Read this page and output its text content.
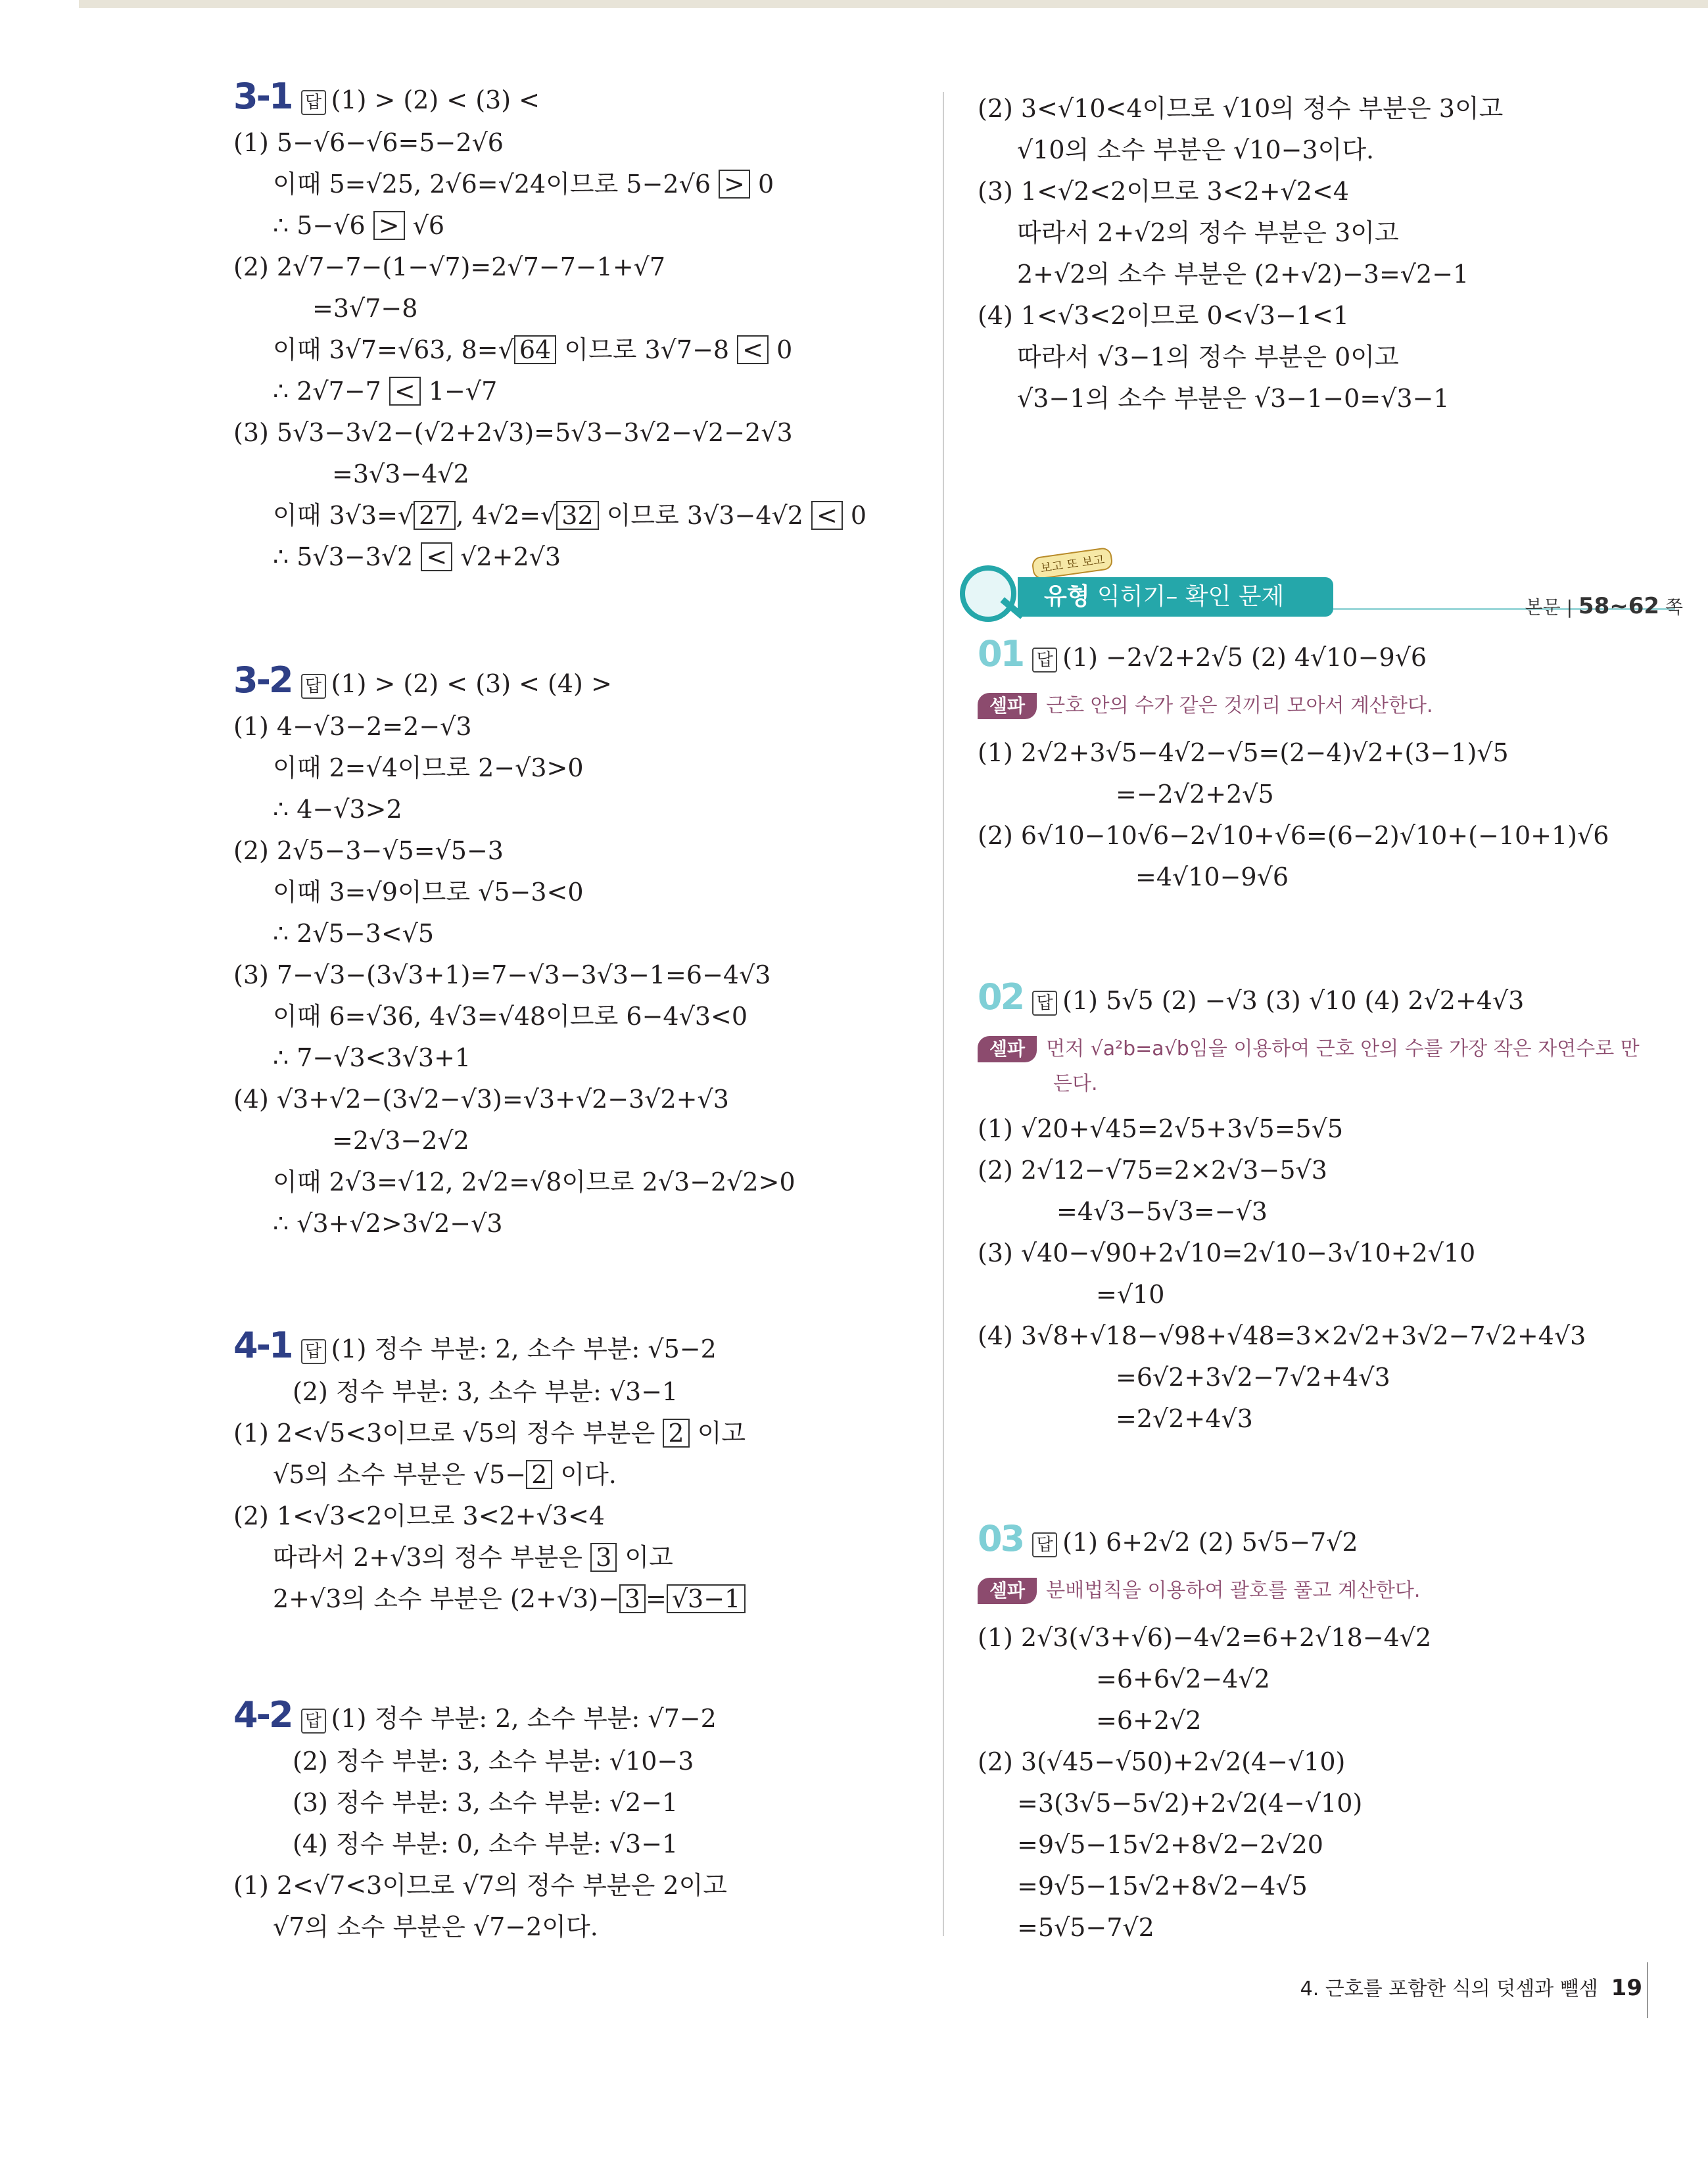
3-1 답 (1) > (2) < (3) <
(1) 5−√6−√6=5−2√6
이때 5=√25, 2√6=√24이므로 5−2√6 > 0
∴ 5−√6 > √6
(2) 2√7−7−(1−√7)=2√7−7−1+√7
=3√7−8
이때 3√7=√63, 8=√ 64 이므로 3√7−8 < 0
∴ 2√7−7 < 1−√7
(3) 5√3−3√2−(√2+2√3)=5√3−3√2−√2−2√3
=3√3−4√2
이때 3√3=√ 27 , 4√2=√ 32 이므로 3√3−4√2 < 0
∴ 5√3−3√2 < √2+2√3
3-2 답 (1) > (2) < (3) < (4) >
(1) 4−√3−2=2−√3
이때 2=√4이므로 2−√3>0
∴ 4−√3>2
(2) 2√5−3−√5=√5−3
이때 3=√9이므로 √5−3<0
∴ 2√5−3<√5
(3) 7−√3−(3√3+1)=7−√3−3√3−1=6−4√3
이때 6=√36, 4√3=√48이므로 6−4√3<0
∴ 7−√3<3√3+1
(4) √3+√2−(3√2−√3)=√3+√2−3√2+√3
=2√3−2√2
이때 2√3=√12, 2√2=√8이므로 2√3−2√2>0
∴ √3+√2>3√2−√3
4-1 답 (1) 정수 부분: 2, 소수 부분: √5−2
(2) 정수 부분: 3, 소수 부분: √3−1
(1) 2<√5<3이므로 √5의 정수 부분은 2 이고
√5의 소수 부분은 √5− 2 이다.
(2) 1<√3<2이므로 3<2+√3<4
따라서 2+√3의 정수 부분은 3 이고
2+√3의 소수 부분은 (2+√3)− 3 = √3−1
4-2 답 (1) 정수 부분: 2, 소수 부분: √7−2
(2) 정수 부분: 3, 소수 부분: √10−3
(3) 정수 부분: 3, 소수 부분: √2−1
(4) 정수 부분: 0, 소수 부분: √3−1
(1) 2<√7<3이므로 √7의 정수 부분은 2이고
√7의 소수 부분은 √7−2이다.
(2) 3<√10<4이므로 √10의 정수 부분은 3이고
√10의 소수 부분은 √10−3이다.
(3) 1<√2<2이므로 3<2+√2<4
따라서 2+√2의 정수 부분은 3이고
2+√2의 소수 부분은 (2+√2)−3=√2−1
(4) 1<√3<2이므로 0<√3−1<1
따라서 √3−1의 정수 부분은 0이고
√3−1의 소수 부분은 √3−1−0=√3−1
01 답 (1) −2√2+2√5 (2) 4√10−9√6
셀파 근호 안의 수가 같은 것끼리 모아서 계산한다.
(1) 2√2+3√5−4√2−√5=(2−4)√2+(3−1)√5
=−2√2+2√5
(2) 6√10−10√6−2√10+√6=(6−2)√10+(−10+1)√6
=4√10−9√6
02 답 (1) 5√5 (2) −√3 (3) √10 (4) 2√2+4√3
셀파 먼저 √a²b=a√b임을 이용하여 근호 안의 수를 가장 작은 자연수로 만
든다.
(1) √20+√45=2√5+3√5=5√5
(2) 2√12−√75=2×2√3−5√3
=4√3−5√3=−√3
(3) √40−√90+2√10=2√10−3√10+2√10
=√10
(4) 3√8+√18−√98+√48=3×2√2+3√2−7√2+4√3
=6√2+3√2−7√2+4√3
=2√2+4√3
03 답 (1) 6+2√2 (2) 5√5−7√2
셀파 분배법칙을 이용하여 괄호를 풀고 계산한다.
(1) 2√3(√3+√6)−4√2=6+2√18−4√2
=6+6√2−4√2
=6+2√2
(2) 3(√45−√50)+2√2(4−√10)
=3(3√5−5√2)+2√2(4−√10)
=9√5−15√2+8√2−2√20
=9√5−15√2+8√2−4√5
=5√5−7√2
보고 또 보고
유형 익히기– 확인 문제	본문 | 58~62 쪽
4. 근호를 포함한 식의 덧셈과 뺄셈 19
